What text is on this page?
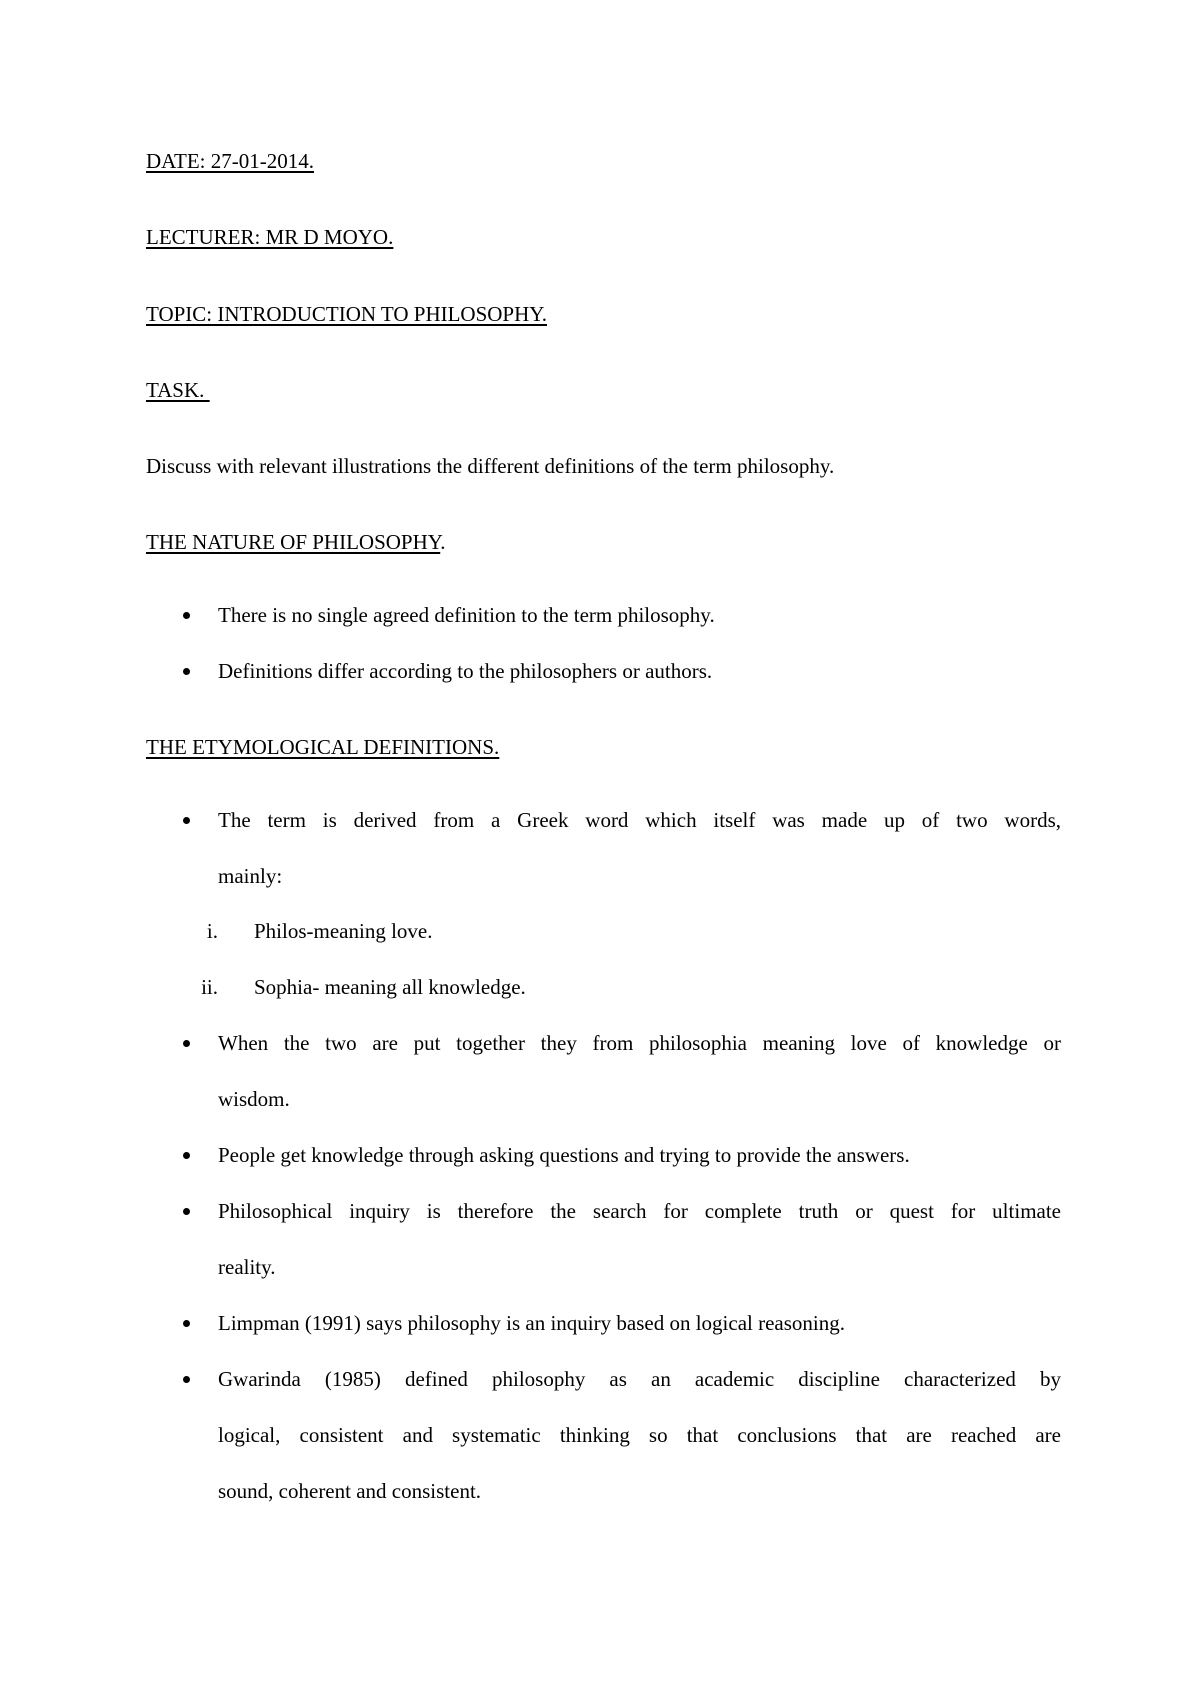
DATE: 27-01-2014.
LECTURER: MR D MOYO.
TOPIC: INTRODUCTION TO PHILOSOPHY.
TASK.
Discuss with relevant illustrations the different definitions of the term philosophy.
THE NATURE OF PHILOSOPHY.
There is no single agreed definition to the term philosophy.
Definitions differ according to the philosophers or authors.
THE ETYMOLOGICAL DEFINITIONS.
The term is derived from a Greek word which itself was made up of two words,
mainly:
i. Philos-meaning love.
ii. Sophia- meaning all knowledge.
When the two are put together they from philosophia meaning love of knowledge or
wisdom.
People get knowledge through asking questions and trying to provide the answers.
Philosophical inquiry is therefore the search for complete truth or quest for ultimate
reality.
Limpman (1991) says philosophy is an inquiry based on logical reasoning.
Gwarinda (1985) defined philosophy as an academic discipline characterized by
logical, consistent and systematic thinking so that conclusions that are reached are
sound, coherent and consistent.
